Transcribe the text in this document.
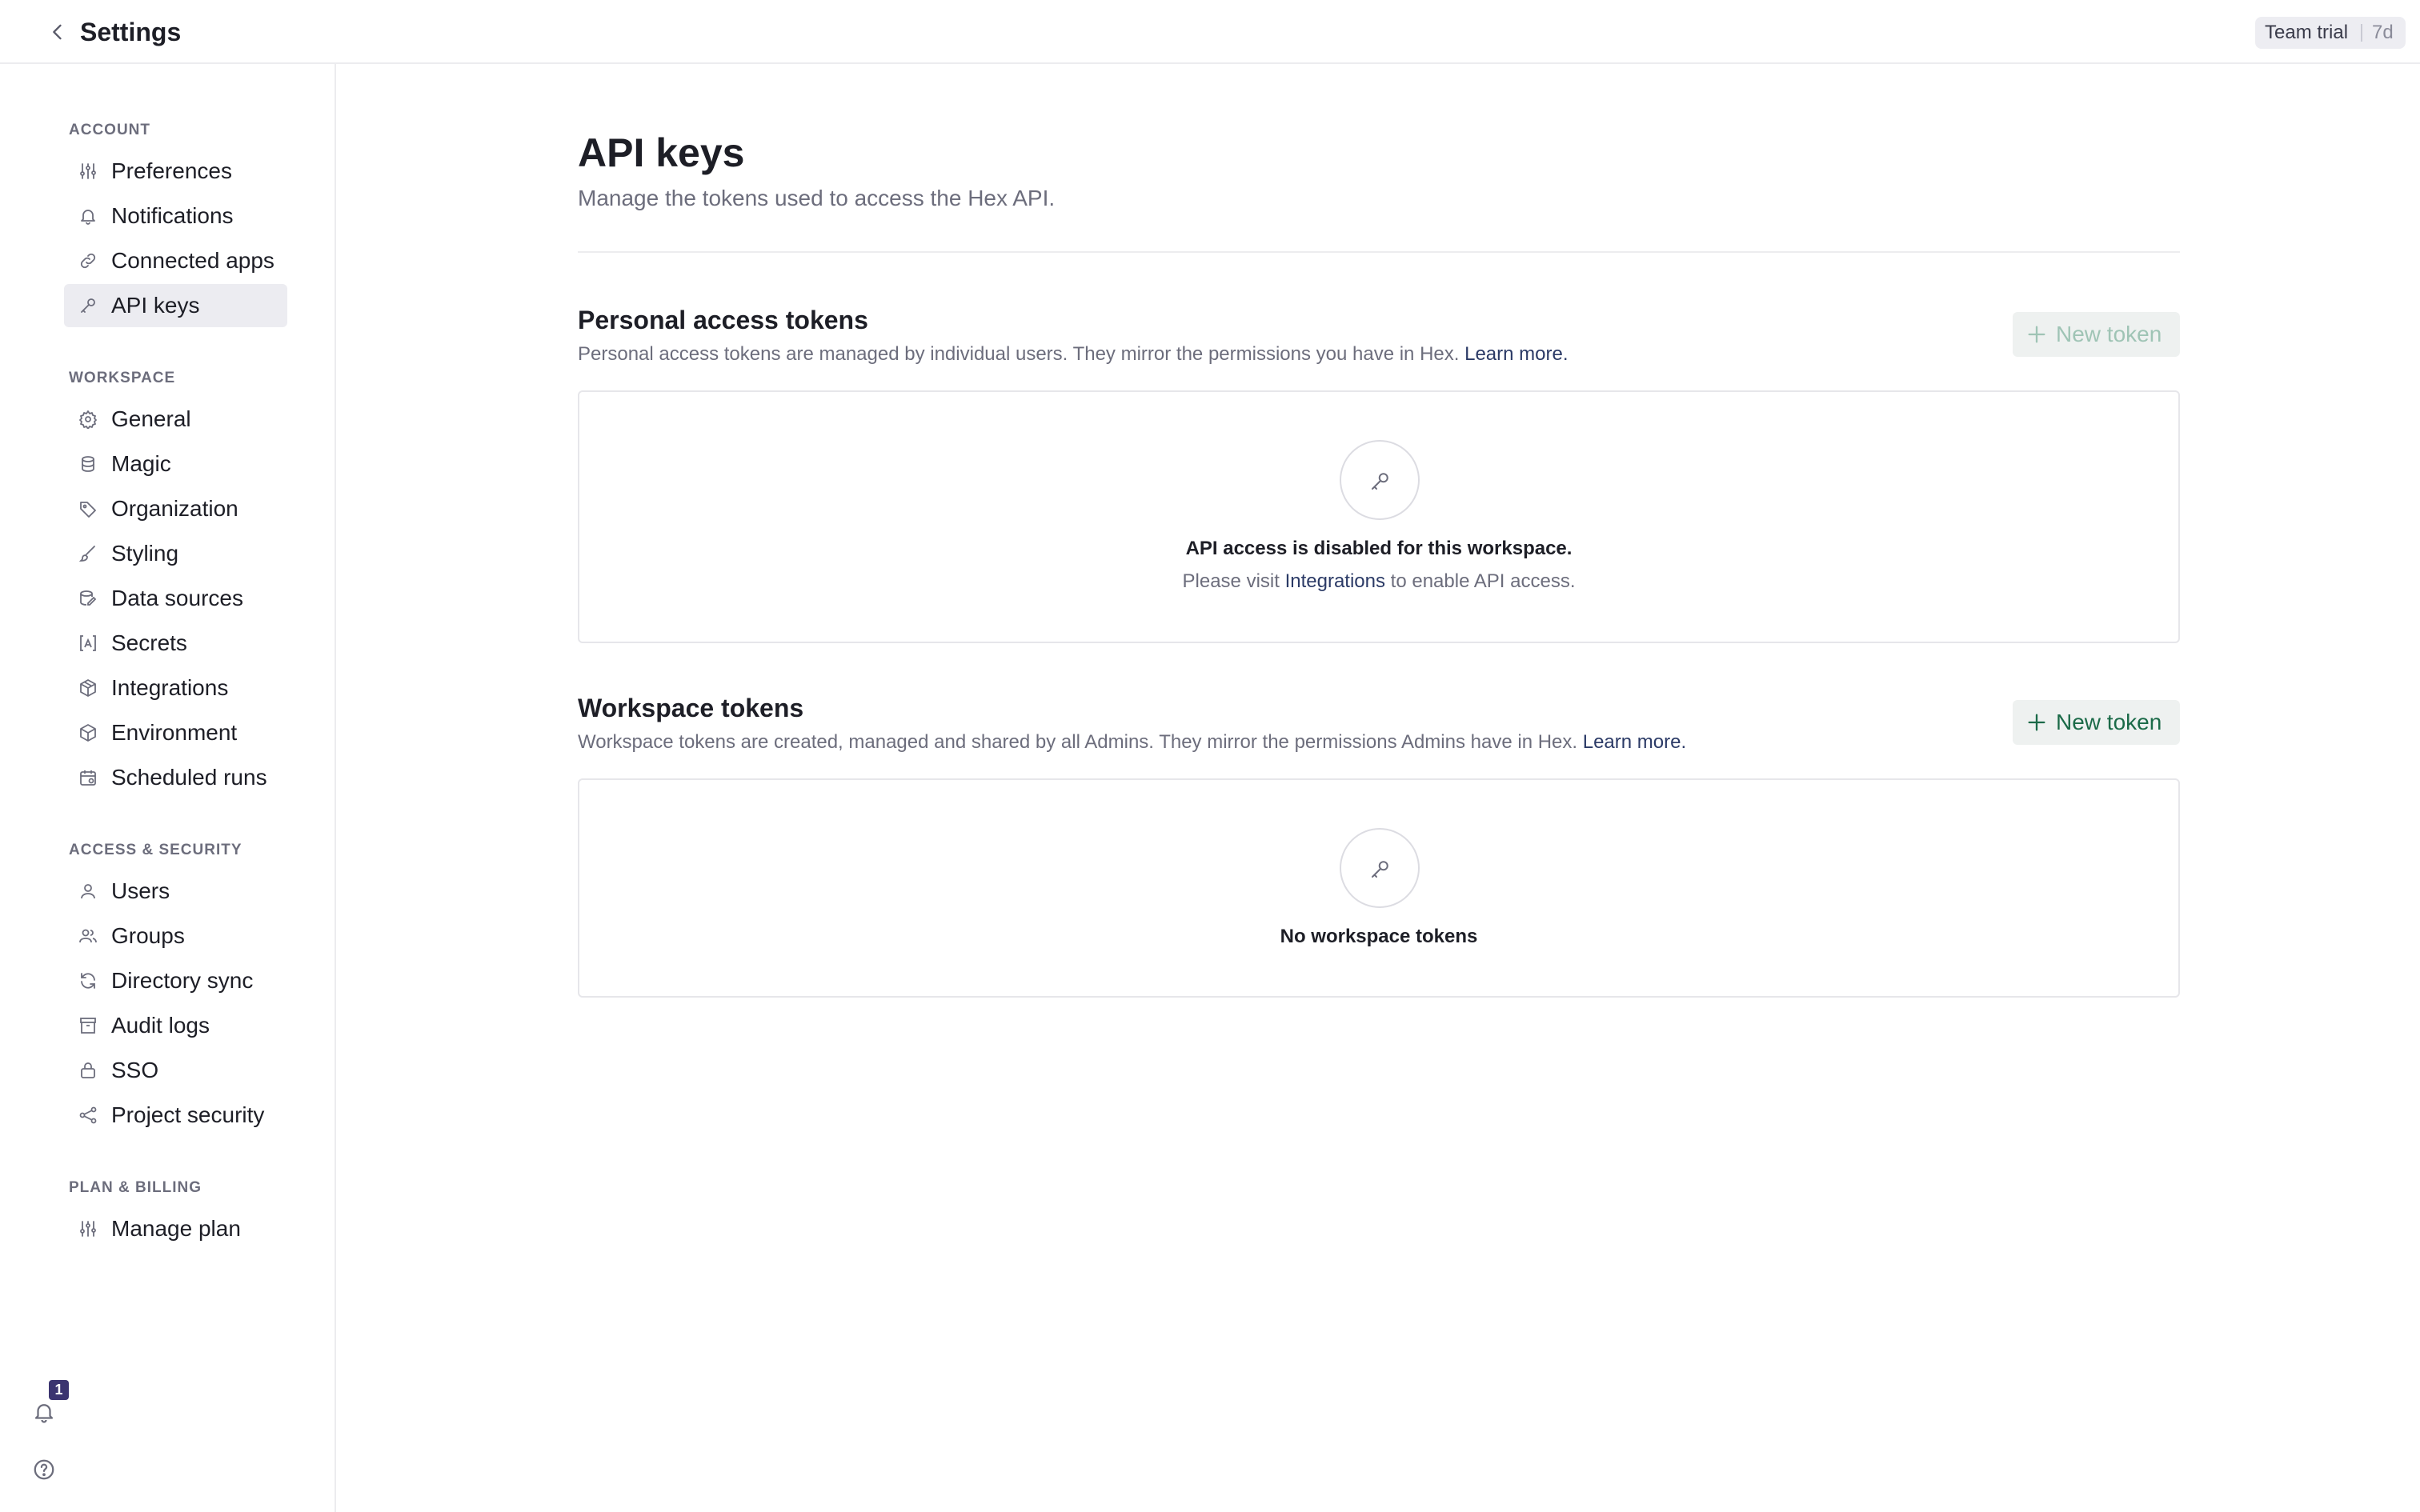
Settings	Team trial 7d
ACCOUNT
Preferences
Notifications
Connected apps
API keys
WORKSPACE
General
Magic
Organization
Styling
Data sources
Secrets
Integrations
Environment
Scheduled runs
ACCESS & SECURITY
Users
Groups
Directory sync
Audit logs
SSO
Project security
PLAN & BILLING
Manage plan
1
API keys
Manage the tokens used to access the Hex API.
Personal access tokens
Personal access tokens are managed by individual users. They mirror the permissions you have in Hex. Learn more.
New token
API access is disabled for this workspace.
Please visit Integrations to enable API access.
Workspace tokens
Workspace tokens are created, managed and shared by all Admins. They mirror the permissions Admins have in Hex. Learn more.
New token
No workspace tokens
